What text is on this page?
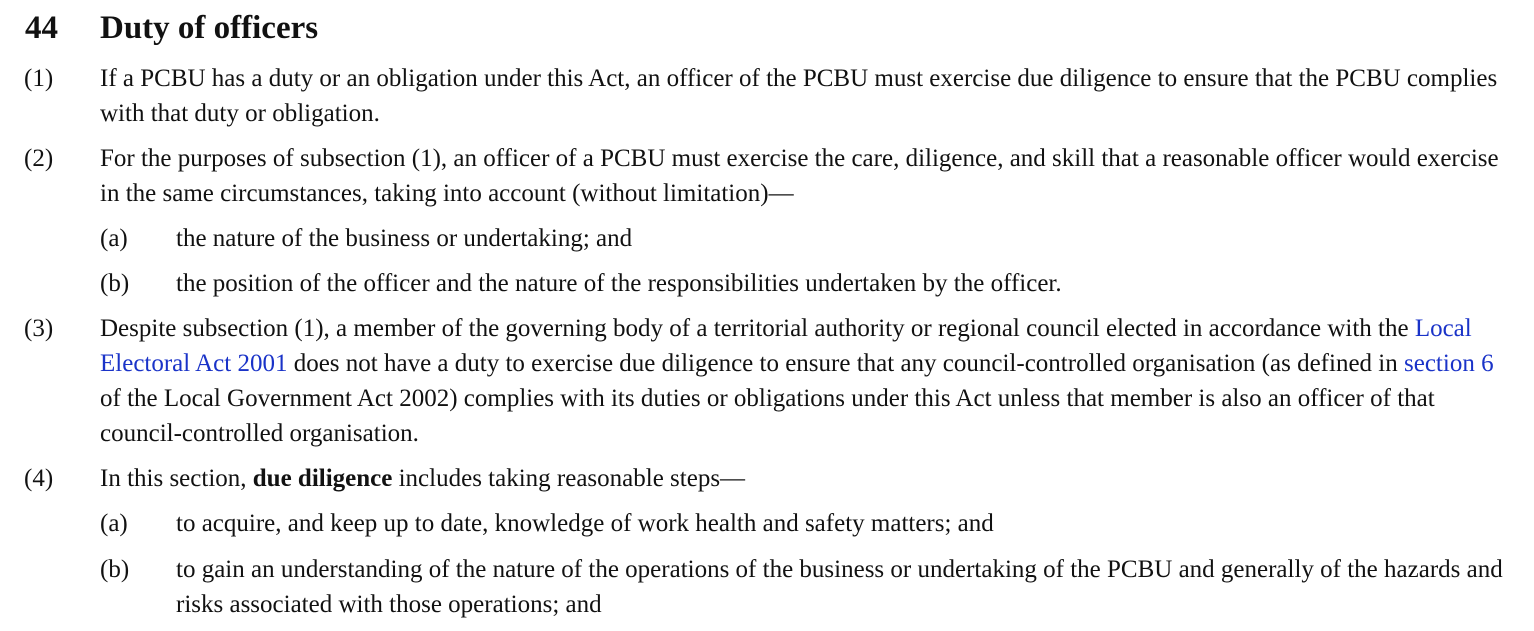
44 Duty of officers
(1) If a PCBU has a duty or an obligation under this Act, an officer of the PCBU must exercise due diligence to ensure that the PCBU complies with that duty or obligation.
(2) For the purposes of subsection (1), an officer of a PCBU must exercise the care, diligence, and skill that a reasonable officer would exercise in the same circumstances, taking into account (without limitation)—
(a) the nature of the business or undertaking; and
(b) the position of the officer and the nature of the responsibilities undertaken by the officer.
(3) Despite subsection (1), a member of the governing body of a territorial authority or regional council elected in accordance with the Local Electoral Act 2001 does not have a duty to exercise due diligence to ensure that any council-controlled organisation (as defined in section 6 of the Local Government Act 2002) complies with its duties or obligations under this Act unless that member is also an officer of that council-controlled organisation.
(4) In this section, due diligence includes taking reasonable steps—
(a) to acquire, and keep up to date, knowledge of work health and safety matters; and
(b) to gain an understanding of the nature of the operations of the business or undertaking of the PCBU and generally of the hazards and risks associated with those operations; and
